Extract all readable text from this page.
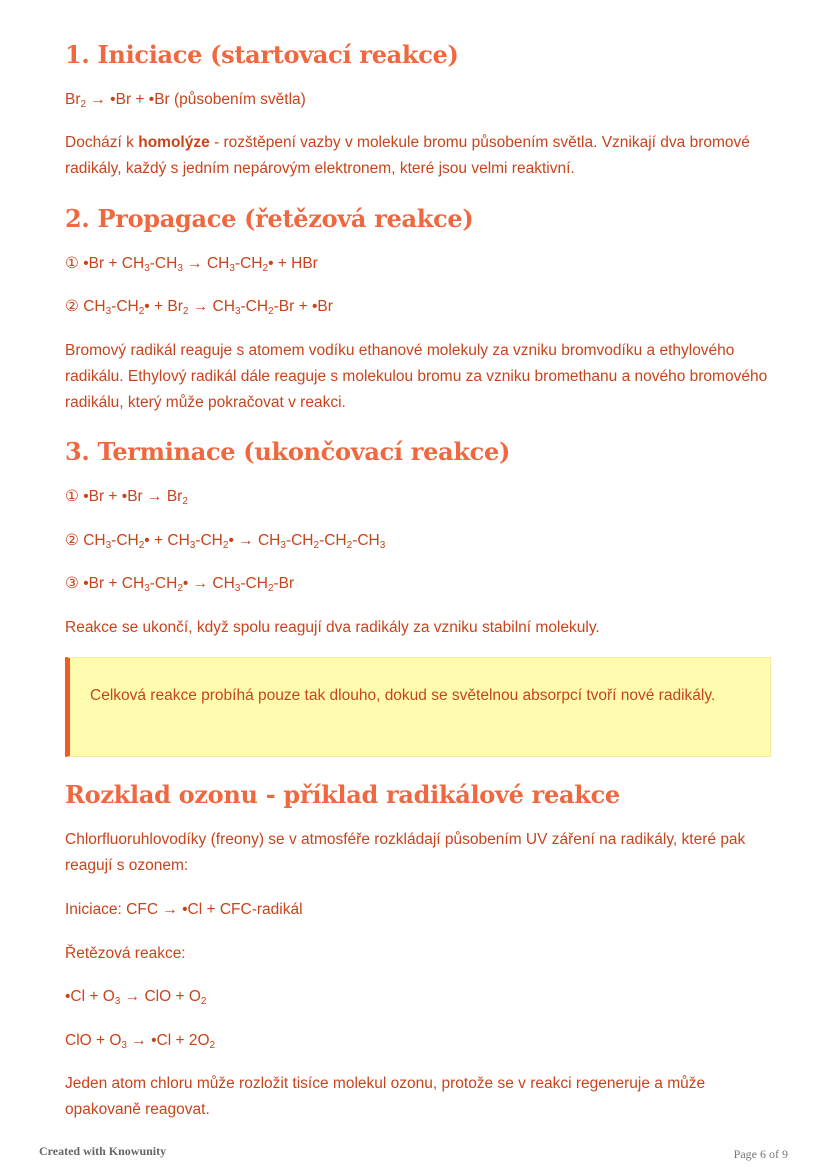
1. Iniciace (startovací reakce)

$Br_2$ → •Br + •Br (působením světla)

Dochází k homolýze - rozštěpení vazby v molekule bromu působením světla. Vznikají dva bromové radikály, každý s jedním nepárovým elektronem, které jsou velmi reaktivní.

2. Propagace (řetězová reakce)

① •Br + $CH_3-CH_3$ → $CH_3-CH_2•$ + HBr

② $CH_3-CH_2• + Br_2 \to CH_3-CH_2-Br$ + •Br

Bromový radikál reaguje s atomem vodíku ethanové molekuly za vzniku bromvodíku a ethylového radikálu. Ethylový radikál dále reaguje s molekulou bromu za vzniku bromethanu a nového bromového radikálu, který může pokračovat v reakci.

3. Terminace (ukončovací reakce)

① •Br + •Br → $Br_2$

② $CH_3-CH_2•$ + $CH_3-CH_2• \to CH_3-CH_2-CH_2-CH_3$

③ •Br + $CH_3-CH_2• \to CH_3-CH_2-Br$

Reakce se ukončí, když spolu reagují dva radikály za vzniku stabilní molekuly.

Celková reakce probíhá pouze tak dlouho, dokud se světelnou absorpcí tvoří nové radikály.

Rozklad ozonu - příklad radikálové reakce

Chlorfluoruhlovodíky (freony) se v atmosféře rozkládají působením UV záření na radikály, které pak reagují s ozonem:

Iniciace: CFC → •Cl + CFC-radikál

Řetězová reakce:

•Cl + $O_3$ → ClO + $O_2$

ClO + $O_3$ → •Cl + $2O_2$

Jeden atom chloru může rozložit tisíce molekul ozonu, protože se v reakci regeneruje a může opakovaně reagovat.

Created with Knowunity	Page 6 of 9
